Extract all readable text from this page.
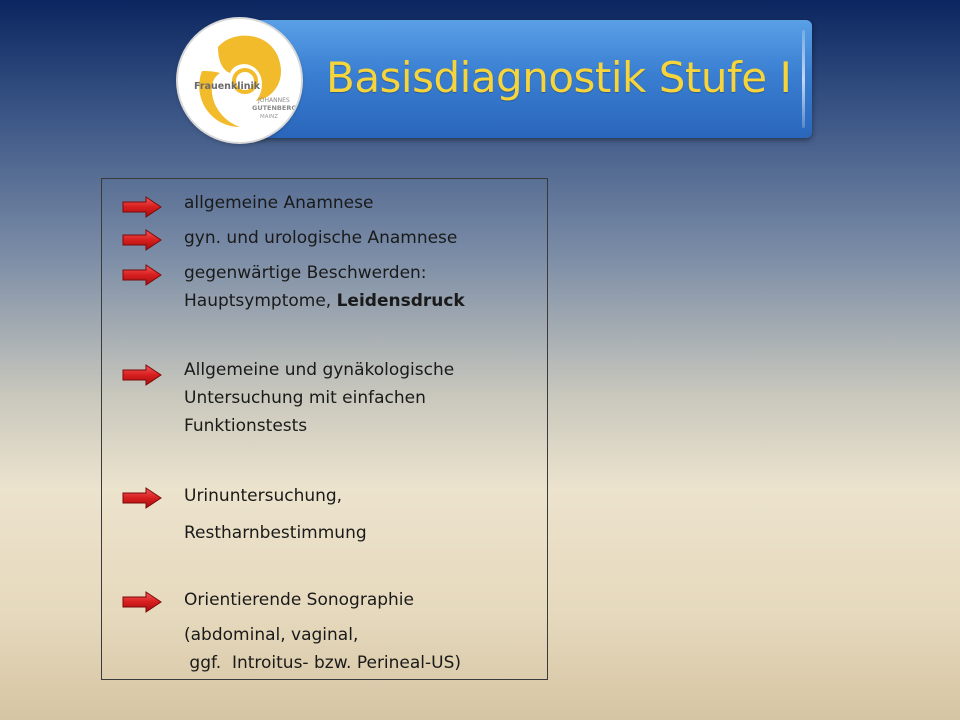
Basisdiagnostik Stufe I
Frauenklinik
JOHANNES
GUTENBERG
MAINZ
allgemeine Anamnese
gyn. und urologische Anamnese
gegenwärtige Beschwerden:
Hauptsymptome, Leidensdruck
Allgemeine und gynäkologische
Untersuchung mit einfachen
Funktionstests
Urinuntersuchung,
Restharnbestimmung
Orientierende Sonographie
(abdominal, vaginal,
ggf.  Introitus- bzw. Perineal-US)
